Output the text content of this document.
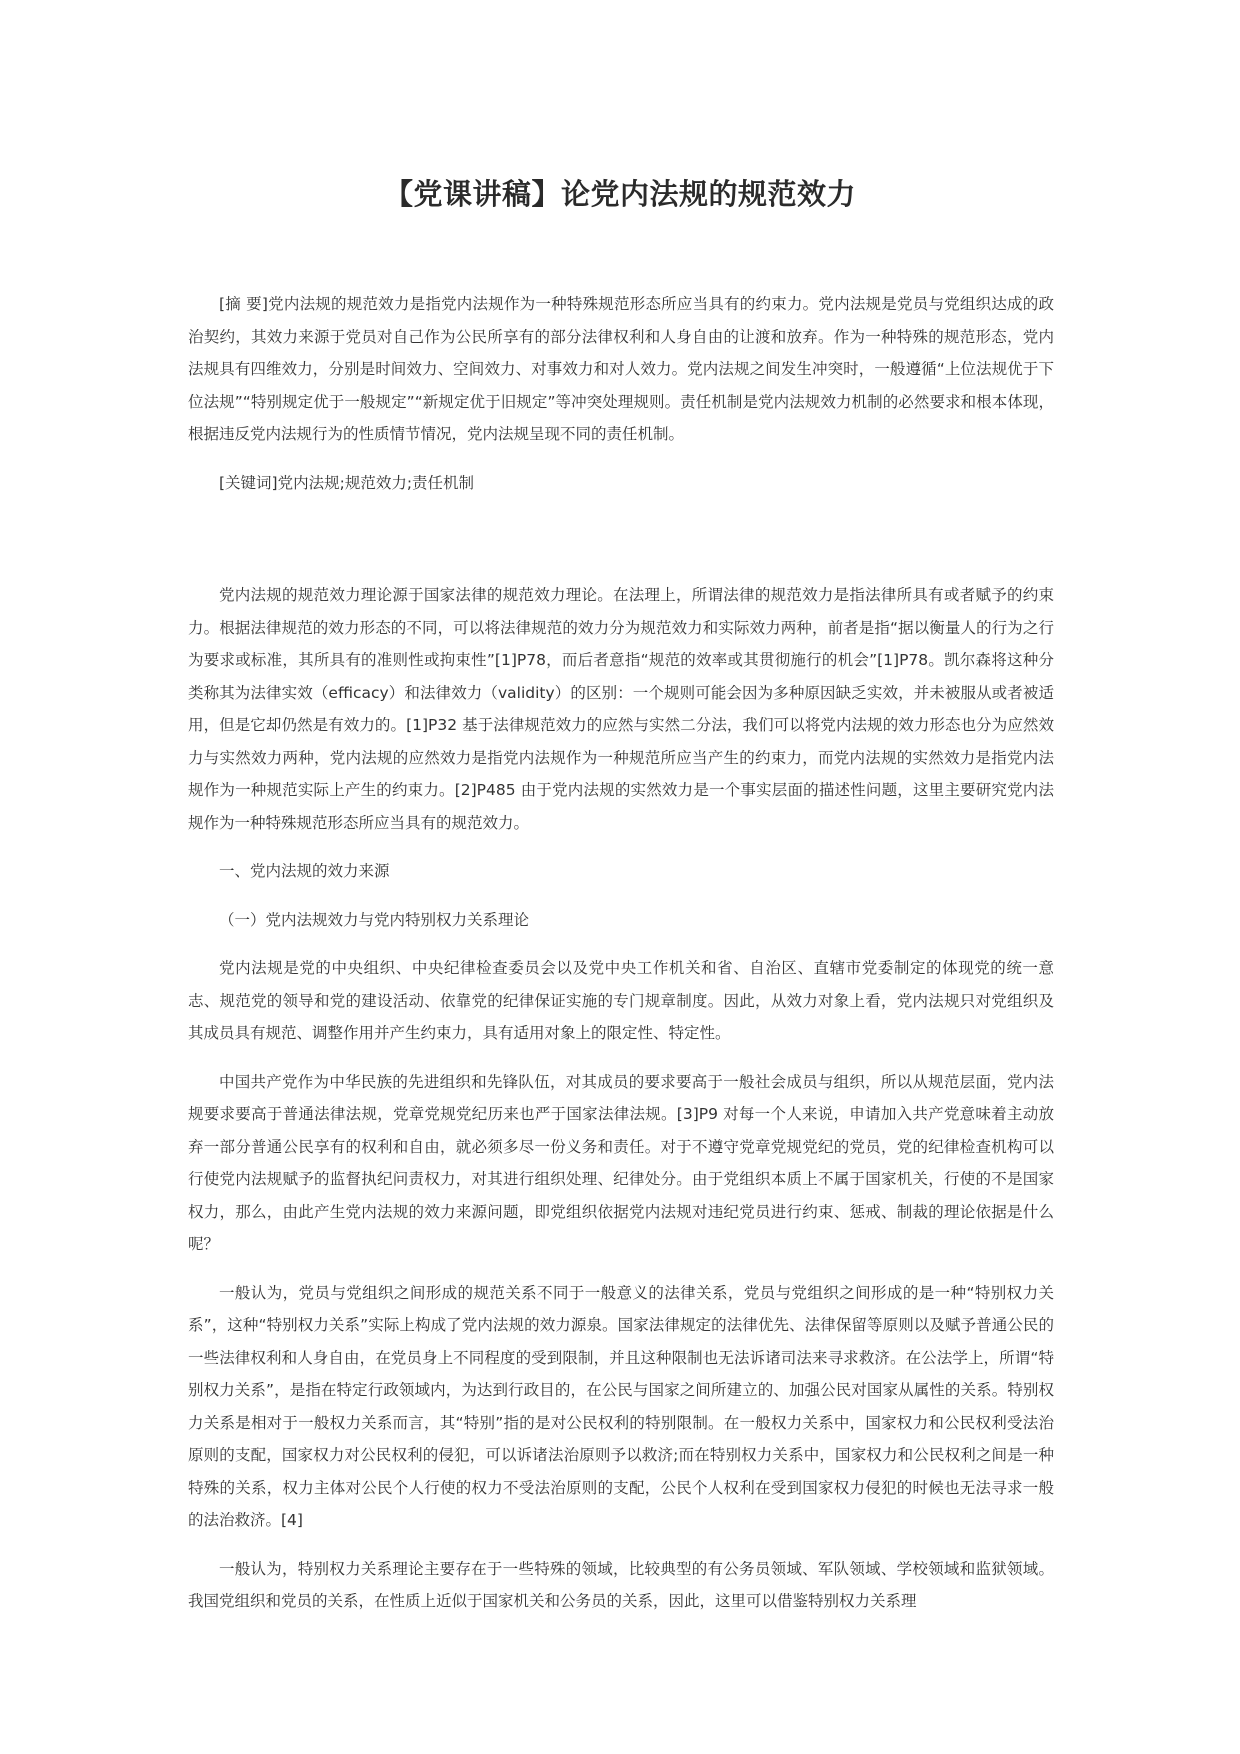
【党课讲稿】论党内法规的规范效力

[摘 要]党内法规的规范效力是指党内法规作为一种特殊规范形态所应当具有的约束力。党内法规是党员与党组织达成的政治契约，其效力来源于党员对自己作为公民所享有的部分法律权利和人身自由的让渡和放弃。作为一种特殊的规范形态，党内法规具有四维效力，分别是时间效力、空间效力、对事效力和对人效力。党内法规之间发生冲突时，一般遵循“上位法规优于下位法规”“特别规定优于一般规定”“新规定优于旧规定”等冲突处理规则。责任机制是党内法规效力机制的必然要求和根本体现，根据违反党内法规行为的性质情节情况，党内法规呈现不同的责任机制。

[关键词]党内法规;规范效力;责任机制

党内法规的规范效力理论源于国家法律的规范效力理论。在法理上，所谓法律的规范效力是指法律所具有或者赋予的约束力。根据法律规范的效力形态的不同，可以将法律规范的效力分为规范效力和实际效力两种，前者是指“据以衡量人的行为之行为要求或标准，其所具有的准则性或拘束性”[1]P78，而后者意指“规范的效率或其贯彻施行的机会”[1]P78。凯尔森将这种分类称其为法律实效（efficacy）和法律效力（validity）的区别：一个规则可能会因为多种原因缺乏实效，并未被服从或者被适用，但是它却仍然是有效力的。[1]P32 基于法律规范效力的应然与实然二分法，我们可以将党内法规的效力形态也分为应然效力与实然效力两种，党内法规的应然效力是指党内法规作为一种规范所应当产生的约束力，而党内法规的实然效力是指党内法规作为一种规范实际上产生的约束力。[2]P485 由于党内法规的实然效力是一个事实层面的描述性问题，这里主要研究党内法规作为一种特殊规范形态所应当具有的规范效力。

一、党内法规的效力来源

（一）党内法规效力与党内特别权力关系理论

党内法规是党的中央组织、中央纪律检查委员会以及党中央工作机关和省、自治区、直辖市党委制定的体现党的统一意志、规范党的领导和党的建设活动、依靠党的纪律保证实施的专门规章制度。因此，从效力对象上看，党内法规只对党组织及其成员具有规范、调整作用并产生约束力，具有适用对象上的限定性、特定性。

中国共产党作为中华民族的先进组织和先锋队伍，对其成员的要求要高于一般社会成员与组织，所以从规范层面，党内法规要求要高于普通法律法规，党章党规党纪历来也严于国家法律法规。[3]P9 对每一个人来说，申请加入共产党意味着主动放弃一部分普通公民享有的权利和自由，就必须多尽一份义务和责任。对于不遵守党章党规党纪的党员，党的纪律检查机构可以行使党内法规赋予的监督执纪问责权力，对其进行组织处理、纪律处分。由于党组织本质上不属于国家机关，行使的不是国家权力，那么，由此产生党内法规的效力来源问题，即党组织依据党内法规对违纪党员进行约束、惩戒、制裁的理论依据是什么呢？

一般认为，党员与党组织之间形成的规范关系不同于一般意义的法律关系，党员与党组织之间形成的是一种“特别权力关系”，这种“特别权力关系”实际上构成了党内法规的效力源泉。国家法律规定的法律优先、法律保留等原则以及赋予普通公民的一些法律权利和人身自由，在党员身上不同程度的受到限制，并且这种限制也无法诉诸司法来寻求救济。在公法学上，所谓“特别权力关系”，是指在特定行政领域内，为达到行政目的，在公民与国家之间所建立的、加强公民对国家从属性的关系。特别权力关系是相对于一般权力关系而言，其“特别”指的是对公民权利的特别限制。在一般权力关系中，国家权力和公民权利受法治原则的支配，国家权力对公民权利的侵犯，可以诉诸法治原则予以救济;而在特别权力关系中，国家权力和公民权利之间是一种特殊的关系，权力主体对公民个人行使的权力不受法治原则的支配，公民个人权利在受到国家权力侵犯的时候也无法寻求一般的法治救济。[4]

一般认为，特别权力关系理论主要存在于一些特殊的领域，比较典型的有公务员领域、军队领域、学校领域和监狱领域。我国党组织和党员的关系，在性质上近似于国家机关和公务员的关系，因此，这里可以借鉴特别权力关系理
